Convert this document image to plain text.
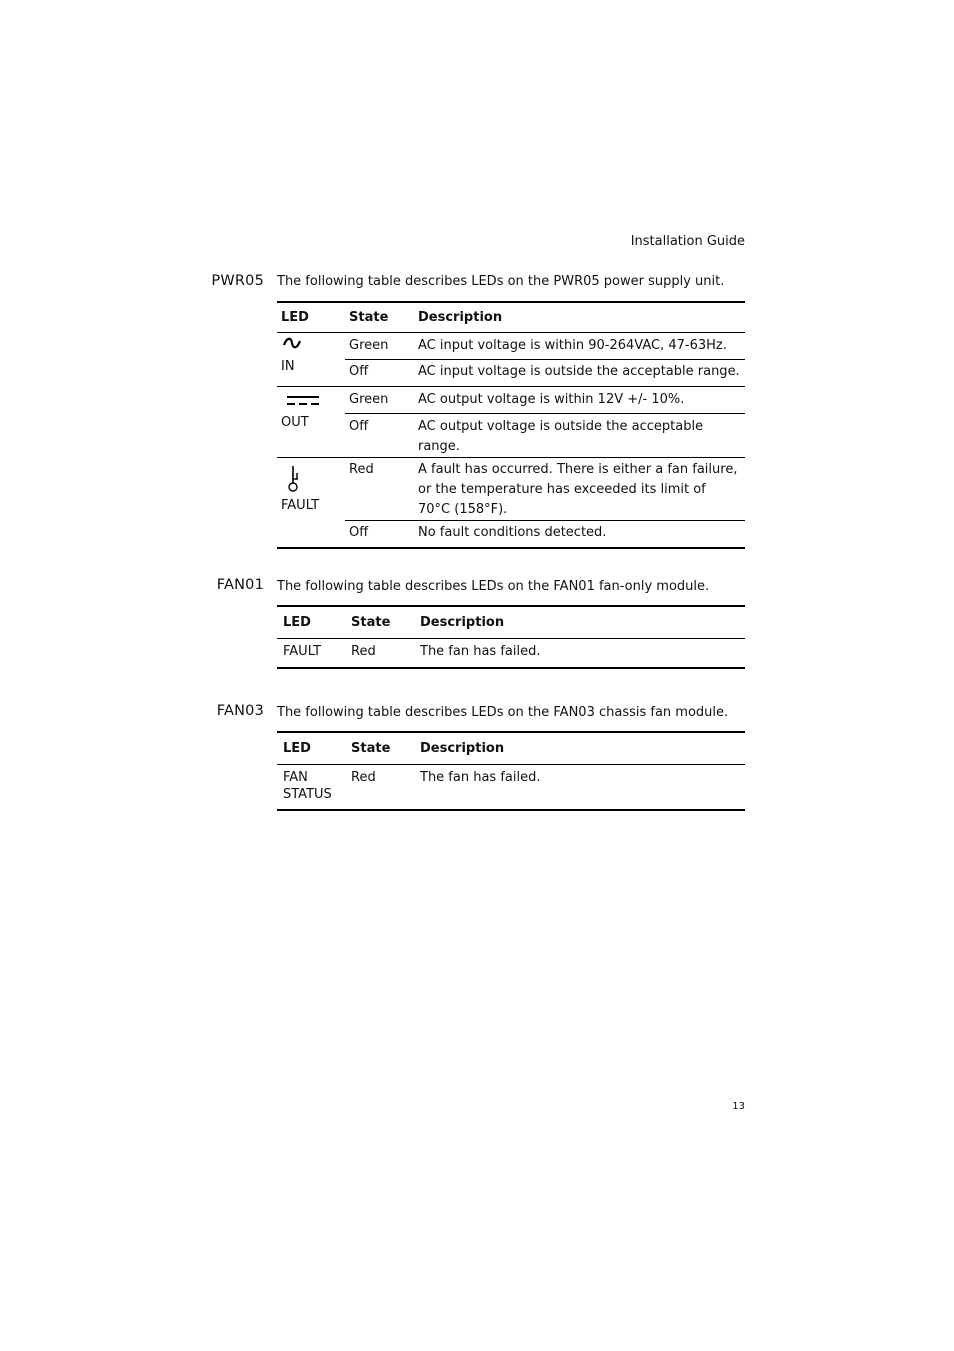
Installation Guide
PWR05 The following table describes LEDs on the PWR05 power supply unit.
LED	State	Description

IN	Green	AC input voltage is within 90-264VAC, 47-63Hz.
	Off	AC input voltage is outside the acceptable range.

OUT	Green	AC output voltage is within 12V +/- 10%.
	Off	AC output voltage is outside the acceptable range.

FAULT	Red	A fault has occurred. There is either a fan failure, or the temperature has exceeded its limit of 70°C (158°F).
	Off	No fault conditions detected.
FAN01 The following table describes LEDs on the FAN01 fan-only module.
LED	State	Description
FAULT	Red	The fan has failed.
FAN03 The following table describes LEDs on the FAN03 chassis fan module.
LED	State	Description

FAN
STATUS	Red	The fan has failed.
13
